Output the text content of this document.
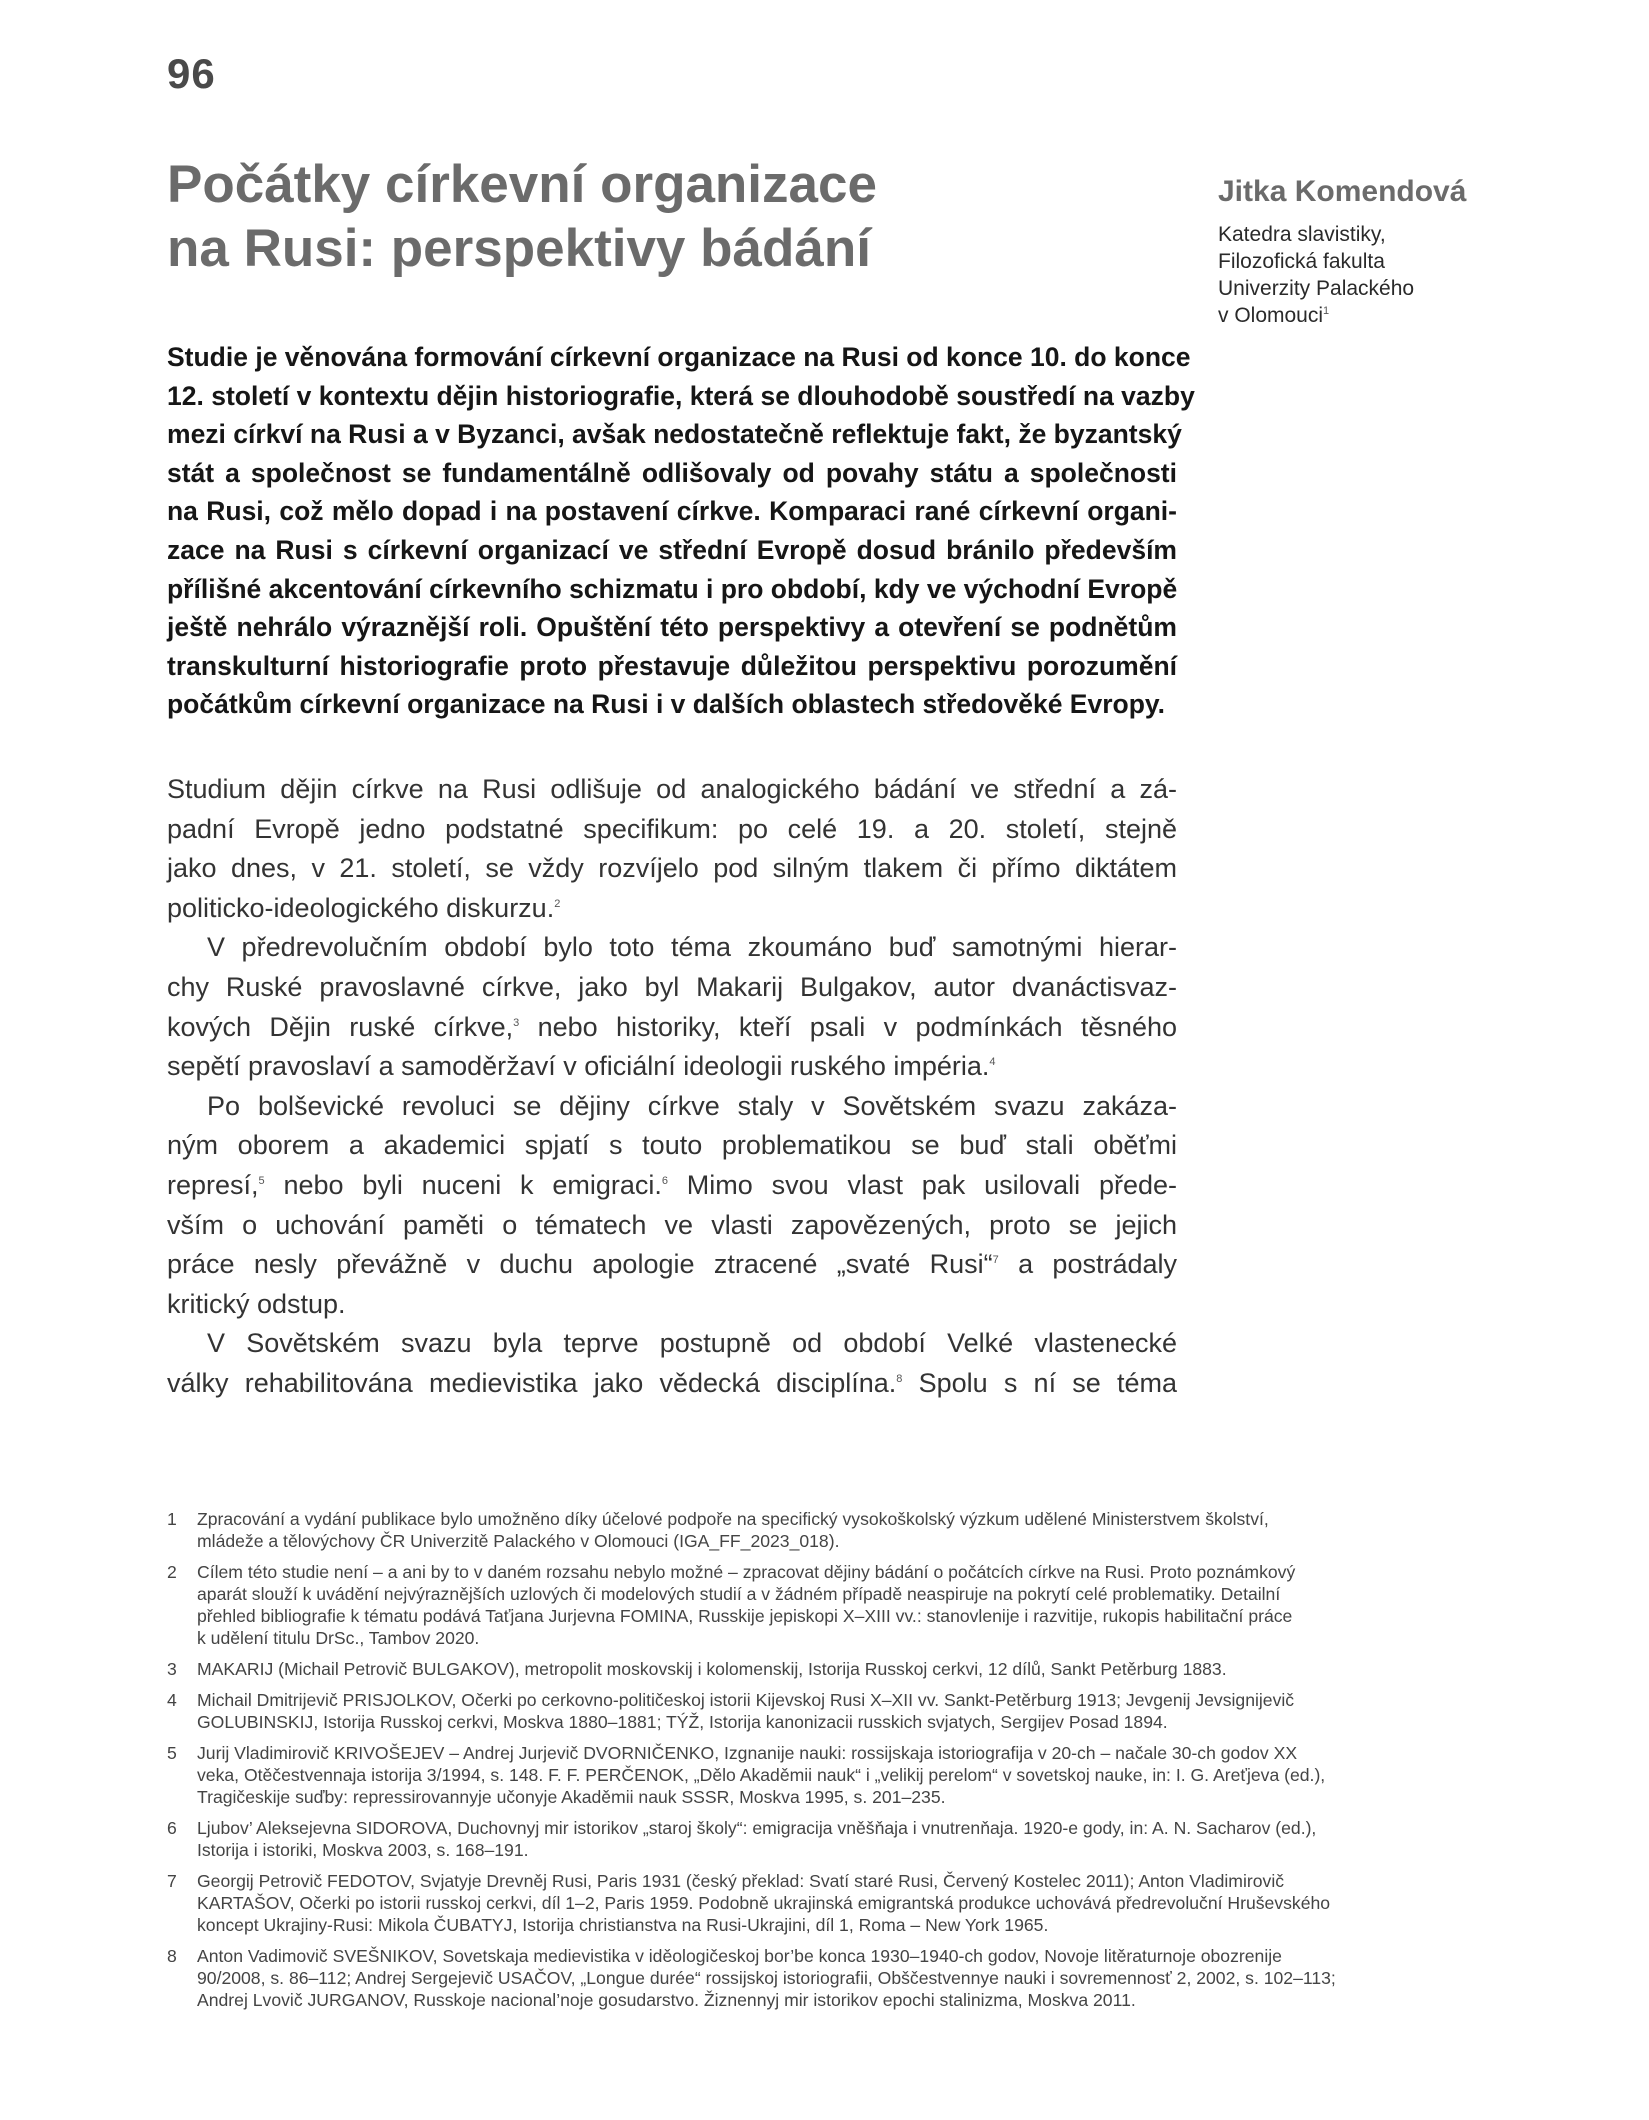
96
Počátky církevní organizace
na Rusi: perspektivy bádání
Jitka Komendová
Katedra slavistiky,
Filozofická fakulta
Univerzity Palackého
v Olomouci$^1$
Studie je věnována formování církevní organizace na Rusi od konce 10. do konce
12. století v kontextu dějin historiografie, která se dlouhodobě soustředí na vazby
mezi církví na Rusi a v Byzanci, avšak nedostatečně reflektuje fakt, že byzantský
stát a společnost se fundamentálně odlišovaly od povahy státu a společnosti
na Rusi, což mělo dopad i na postavení církve. Komparaci rané církevní organi-
zace na Rusi s církevní organizací ve střední Evropě dosud bránilo především
přílišné akcentování církevního schizmatu i pro období, kdy ve východní Evropě
ještě nehrálo výraznější roli. Opuštění této perspektivy a otevření se podnětům
transkulturní historiografie proto přestavuje důležitou perspektivu porozumění
počátkům církevní organizace na Rusi i v dalších oblastech středověké Evropy.
Studium dějin církve na Rusi odlišuje od analogického bádání ve střední a zá-
padní Evropě jedno podstatné specifikum: po celé 19. a 20. století, stejně
jako dnes, v 21. století, se vždy rozvíjelo pod silným tlakem či přímo diktátem
politicko-ideologického diskurzu.$^2$
V předrevolučním období bylo toto téma zkoumáno buď samotnými hierar-
chy Ruské pravoslavné církve, jako byl Makarij Bulgakov, autor dvanáctisvaz-
kových Dějin ruské církve,$^3$ nebo historiky, kteří psali v podmínkách těsného
sepětí pravoslaví a samoděržaví v oficiální ideologii ruského impéria.$^4$
Po bolševické revoluci se dějiny církve staly v Sovětském svazu zakáza-
ným oborem a akademici spjatí s touto problematikou se buď stali oběťmi
represí,$^5$ nebo byli nuceni k emigraci.$^6$ Mimo svou vlast pak usilovali přede-
vším o uchování paměti o tématech ve vlasti zapovězených, proto se jejich
práce nesly převážně v duchu apologie ztracené „svaté Rusi“$^7$ a postrádaly
kritický odstup.
V Sovětském svazu byla teprve postupně od období Velké vlastenecké
války rehabilitována medievistika jako vědecká disciplína.$^8$ Spolu s ní se téma
1	Zpracování a vydání publikace bylo umožněno díky účelové podpoře na specifický vysokoškolský výzkum udělené Ministerstvem školství,
mládeže a tělovýchovy ČR Univerzitě Palackého v Olomouci (IGA_FF_2023_018).
2	Cílem této studie není – a ani by to v daném rozsahu nebylo možné – zpracovat dějiny bádání o počátcích církve na Rusi. Proto poznámkový
aparát slouží k uvádění nejvýraznějších uzlových či modelových studií a v žádném případě neaspiruje na pokrytí celé problematiky. Detailní
přehled bibliografie k tématu podává Taťjana Jurjevna FOMINA, Russkije jepiskopi X–XIII vv.: stanovlenije i razvitije, rukopis habilitační práce
k udělení titulu DrSc., Tambov 2020.
3	MAKARIJ (Michail Petrovič BULGAKOV), metropolit moskovskij i kolomenskij, Istorija Russkoj cerkvi, 12 dílů, Sankt Petěrburg 1883.
4	Michail Dmitrijevič PRISJOLKOV, Očerki po cerkovno-političeskoj istorii Kijevskoj Rusi X–XII vv. Sankt-Petěrburg 1913; Jevgenij Jevsignijevič
GOLUBINSKIJ, Istorija Russkoj cerkvi, Moskva 1880–1881; TÝŽ, Istorija kanonizacii russkich svjatych, Sergijev Posad 1894.
5	Jurij Vladimirovič KRIVOŠEJEV – Andrej Jurjevič DVORNIČENKO, Izgnanije nauki: rossijskaja istoriografija v 20-ch – načale 30-ch godov XX
veka, Otěčestvennaja istorija 3/1994, s. 148. F. F. PERČENOK, „Dělo Akaděmii nauk“ i „velikij perelom“ v sovetskoj nauke, in: I. G. Areťjeva (ed.),
Tragičeskije suďby: repressirovannyje učonyje Akaděmii nauk SSSR, Moskva 1995, s. 201–235.
6	Ljubov’ Aleksejevna SIDOROVA, Duchovnyj mir istorikov „staroj školy“: emigracija vněšňaja i vnutrenňaja. 1920-e gody, in: A. N. Sacharov (ed.),
Istorija i istoriki, Moskva 2003, s. 168–191.
7	Georgij Petrovič FEDOTOV, Svjatyje Drevněj Rusi, Paris 1931 (český překlad: Svatí staré Rusi, Červený Kostelec 2011); Anton Vladimirovič
KARTAŠOV, Očerki po istorii russkoj cerkvi, díl 1–2, Paris 1959. Podobně ukrajinská emigrantská produkce uchovává předrevoluční Hruševského
koncept Ukrajiny-Rusi: Mikola ČUBATYJ, Istorija christianstva na Rusi-Ukrajini, díl 1, Roma – New York 1965.
8	Anton Vadimovič SVEŠNIKOV, Sovetskaja medievistika v iděologičeskoj bor’be konca 1930–1940-ch godov, Novoje litěraturnoje obozrenije
90/2008, s. 86–112; Andrej Sergejevič USAČOV, „Longue durée“ rossijskoj istoriografii, Obščestvennye nauki i sovremennosť 2, 2002, s. 102–113;
Andrej Lvovič JURGANOV, Russkoje nacional’noje gosudarstvo. Žiznennyj mir istorikov epochi stalinizma, Moskva 2011.
